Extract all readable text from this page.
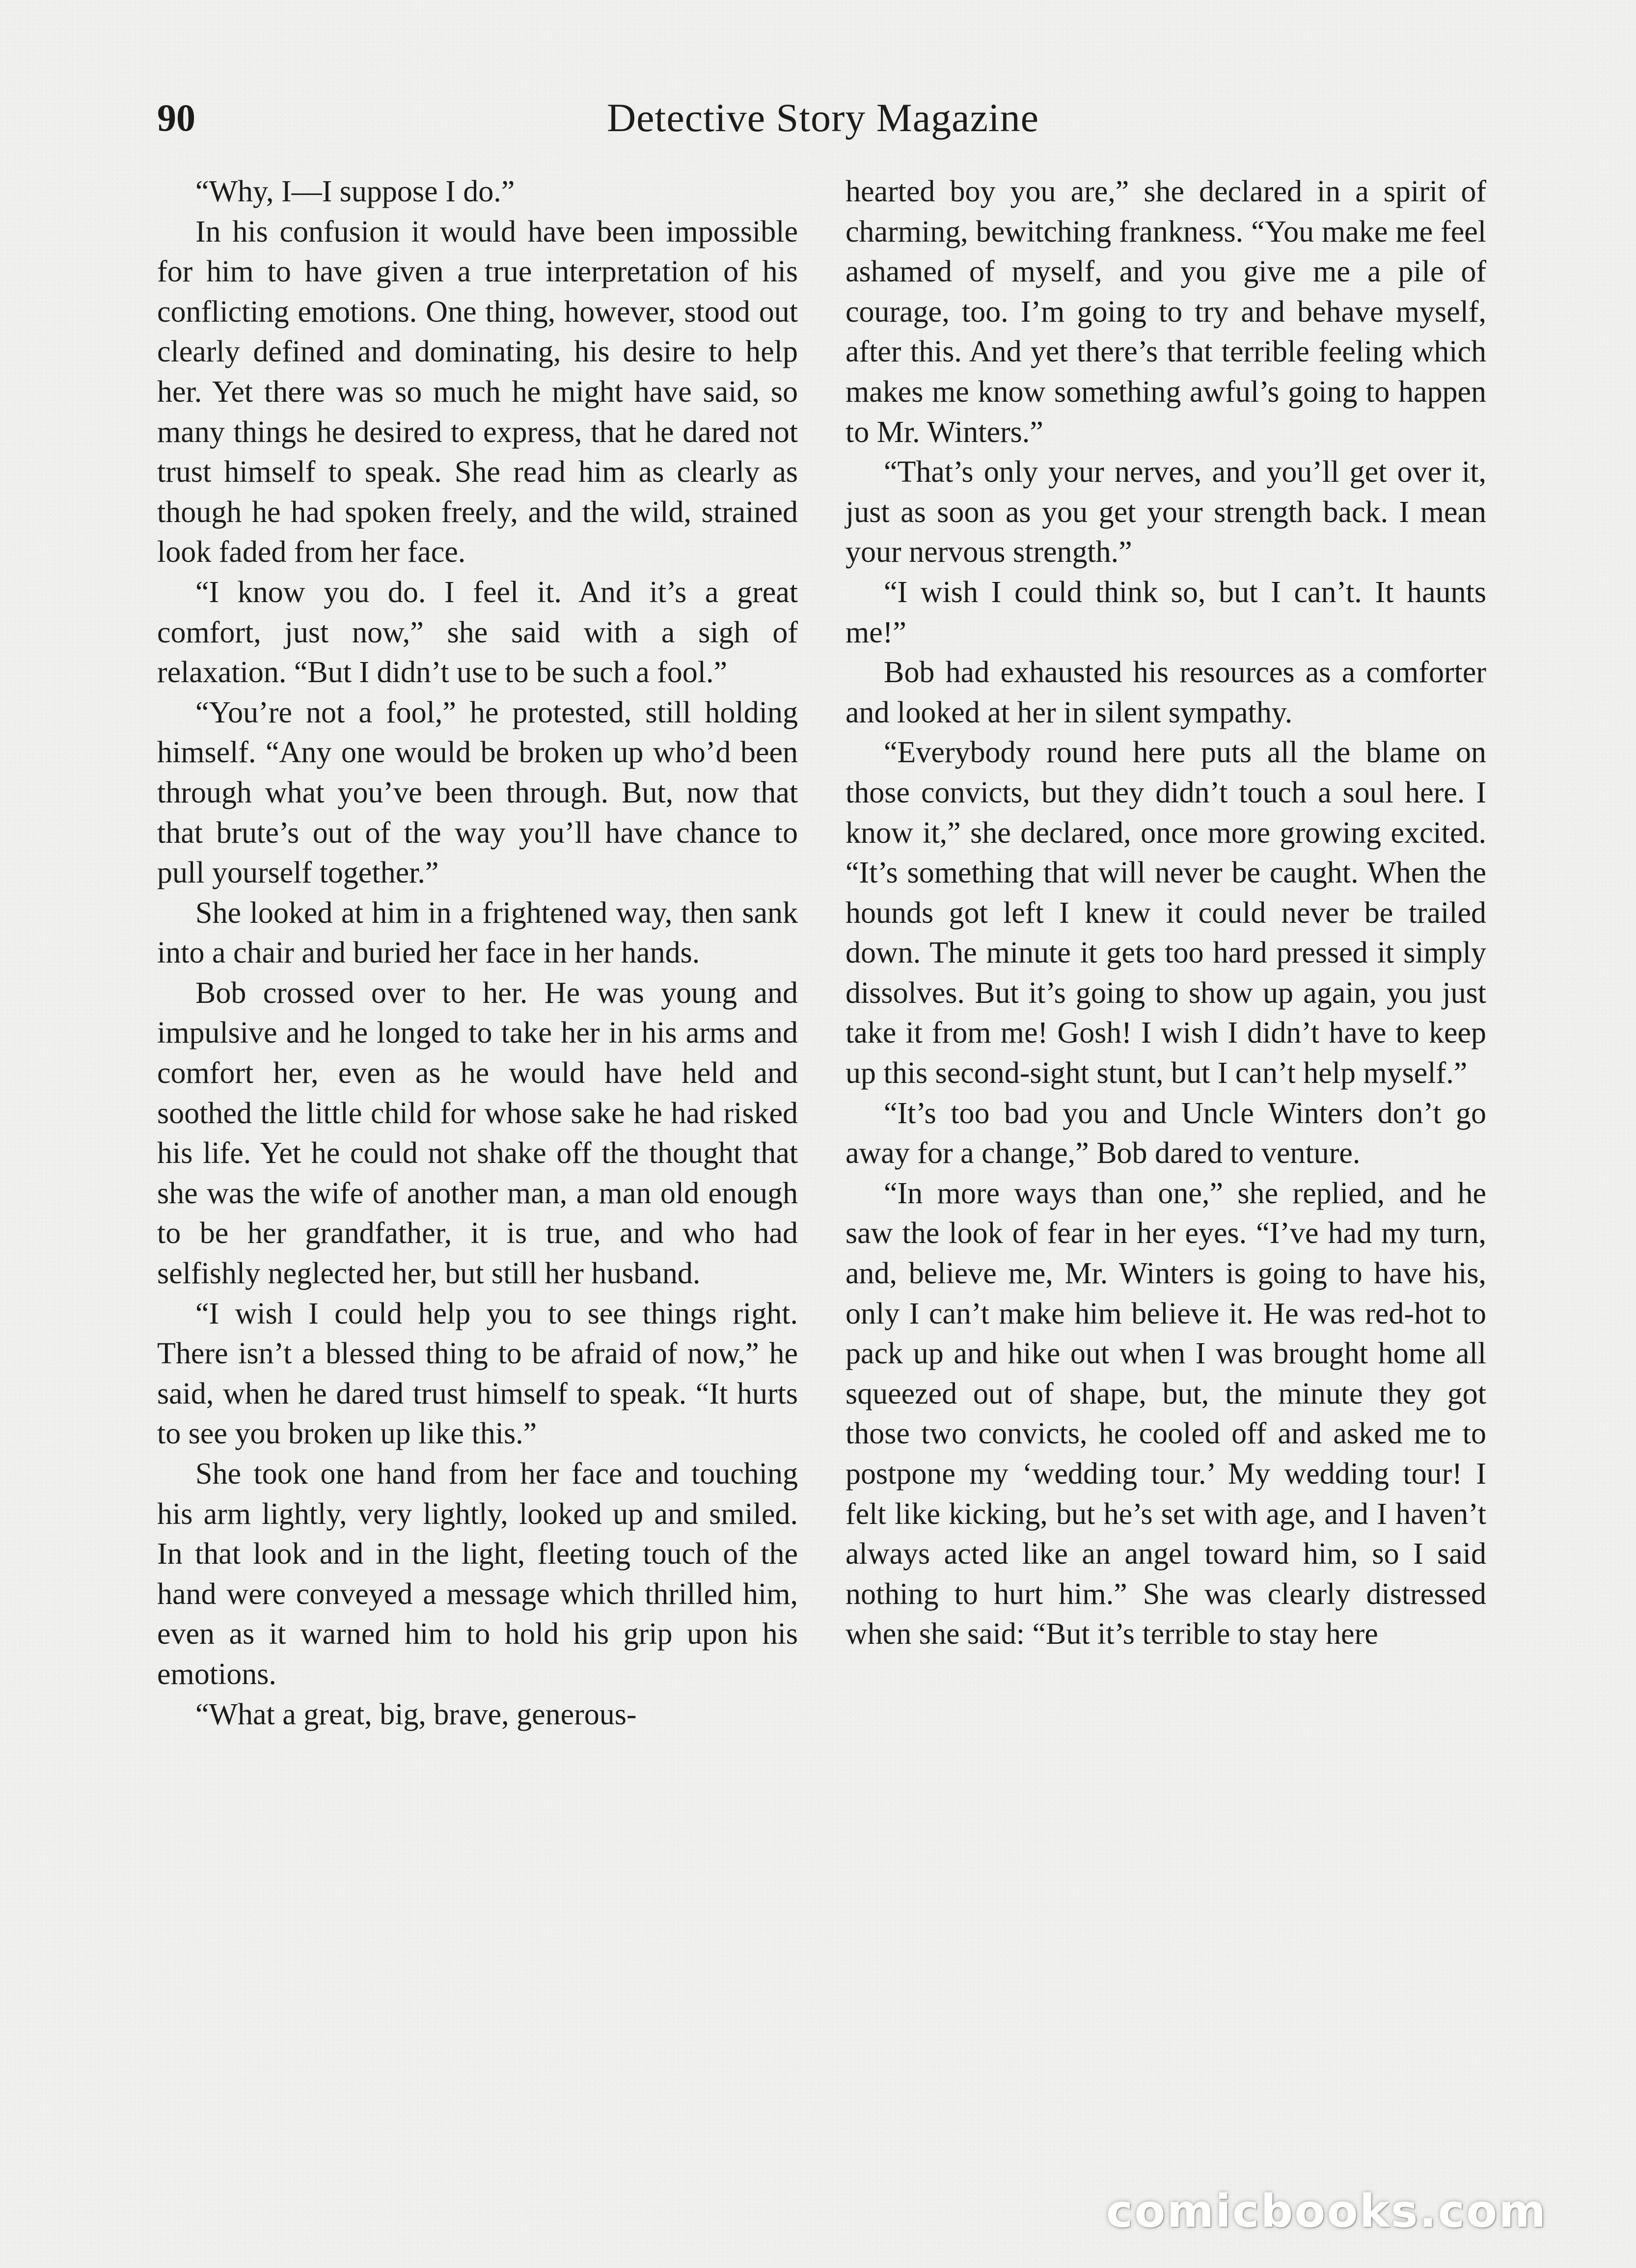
90	Detective Story Magazine

“Why, I—I suppose I do.”

In his confusion it would have been impossible for him to have given a true interpretation of his conflicting emotions. One thing, however, stood out clearly defined and dominating, his desire to help her. Yet there was so much he might have said, so many things he desired to express, that he dared not trust himself to speak. She read him as clearly as though he had spoken freely, and the wild, strained look faded from her face.

“I know you do. I feel it. And it’s a great comfort, just now,” she said with a sigh of relaxation. “But I didn’t use to be such a fool.”

“You’re not a fool,” he protested, still holding himself. “Any one would be broken up who’d been through what you’ve been through. But, now that that brute’s out of the way you’ll have chance to pull yourself together.”

She looked at him in a frightened way, then sank into a chair and buried her face in her hands.

Bob crossed over to her. He was young and impulsive and he longed to take her in his arms and comfort her, even as he would have held and soothed the little child for whose sake he had risked his life. Yet he could not shake off the thought that she was the wife of another man, a man old enough to be her grandfather, it is true, and who had selfishly neglected her, but still her husband.

“I wish I could help you to see things right. There isn’t a blessed thing to be afraid of now,” he said, when he dared trust himself to speak. “It hurts to see you broken up like this.”

She took one hand from her face and touching his arm lightly, very lightly, looked up and smiled. In that look and in the light, fleeting touch of the hand were conveyed a message which thrilled him, even as it warned him to hold his grip upon his emotions.

“What a great, big, brave, generous-

hearted boy you are,” she declared in a spirit of charming, bewitching frankness. “You make me feel ashamed of myself, and you give me a pile of courage, too. I’m going to try and behave myself, after this. And yet there’s that terrible feeling which makes me know something awful’s going to happen to Mr. Winters.”

“That’s only your nerves, and you’ll get over it, just as soon as you get your strength back. I mean your nervous strength.”

“I wish I could think so, but I can’t. It haunts me!”

Bob had exhausted his resources as a comforter and looked at her in silent sympathy.

“Everybody round here puts all the blame on those convicts, but they didn’t touch a soul here. I know it,” she declared, once more growing excited. “It’s something that will never be caught. When the hounds got left I knew it could never be trailed down. The minute it gets too hard pressed it simply dissolves. But it’s going to show up again, you just take it from me! Gosh! I wish I didn’t have to keep up this second-sight stunt, but I can’t help myself.”

“It’s too bad you and Uncle Winters don’t go away for a change,” Bob dared to venture.

“In more ways than one,” she replied, and he saw the look of fear in her eyes. “I’ve had my turn, and, believe me, Mr. Winters is going to have his, only I can’t make him believe it. He was red-hot to pack up and hike out when I was brought home all squeezed out of shape, but, the minute they got those two convicts, he cooled off and asked me to postpone my ‘wedding tour.’ My wedding tour! I felt like kicking, but he’s set with age, and I haven’t always acted like an angel toward him, so I said nothing to hurt him.” She was clearly distressed when she said: “But it’s terrible to stay here

comicbooks.com
